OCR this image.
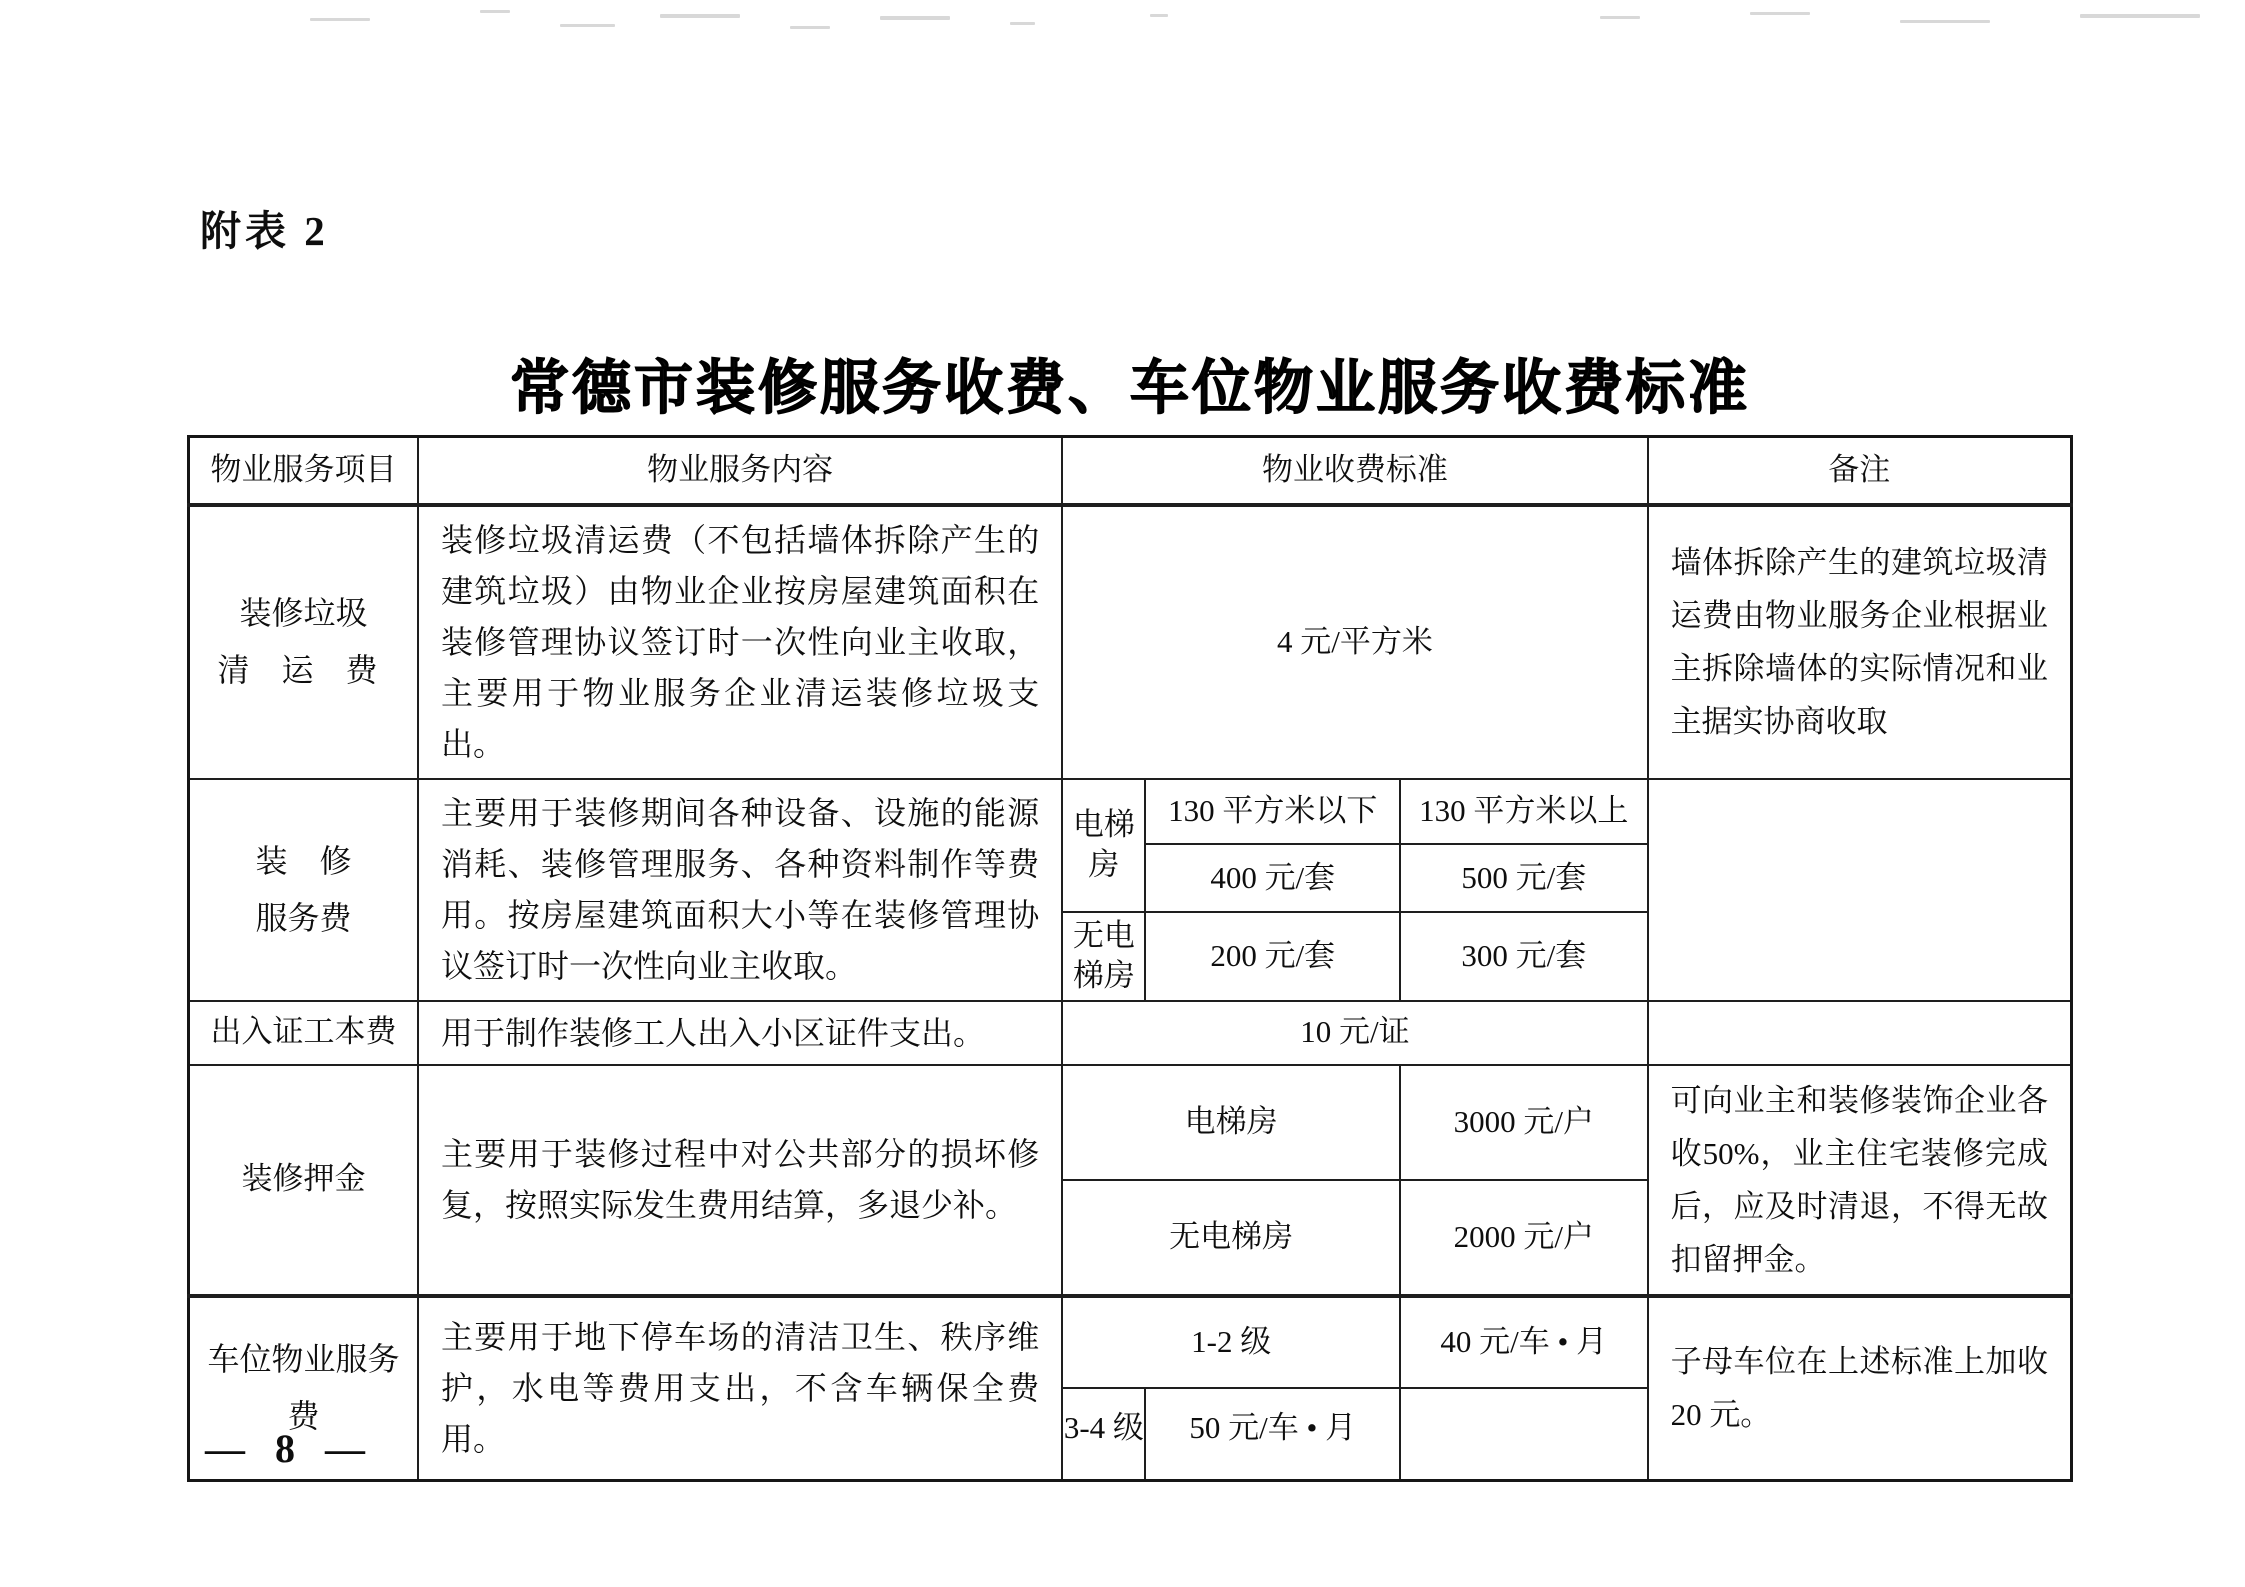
附表 2
常德市装修服务收费、车位物业服务收费标准
物业服务项目	物业服务内容	物业收费标准			备注

装修垃圾
清 运 费	装修垃圾清运费（不包括墙体拆除产生的建筑垃圾）由物业企业按房屋建筑面积在装修管理协议签订时一次性向业主收取，主要用于物业服务企业清运装修垃圾支出。	4 元/平方米			墙体拆除产生的建筑垃圾清运费由物业服务企业根据业主拆除墙体的实际情况和业主据实协商收取

装　修
服务费	主要用于装修期间各种设备、设施的能源消耗、装修管理服务、各种资料制作等费用。按房屋建筑面积大小等在装修管理协议签订时一次性向业主收取。	电梯房	130 平方米以下	130 平方米以上	
			400 元/套	500 元/套	
		无电梯房	200 元/套	300 元/套	
出入证工本费	用于制作装修工人出入小区证件支出。	10 元/证			
装修押金	主要用于装修过程中对公共部分的损坏修复，按照实际发生费用结算，多退少补。	电梯房		3000 元/户	可向业主和装修装饰企业各收50%，业主住宅装修完成后，应及时清退，不得无故扣留押金。
		无电梯房		2000 元/户	

车位物业服务
费	主要用于地下停车场的清洁卫生、秩序维护，水电等费用支出，不含车辆保全费用。	1-2 级		40 元/车 • 月	子母车位在上述标准上加收 20 元。
		3-4 级	50 元/车 • 月		
— 8 —
